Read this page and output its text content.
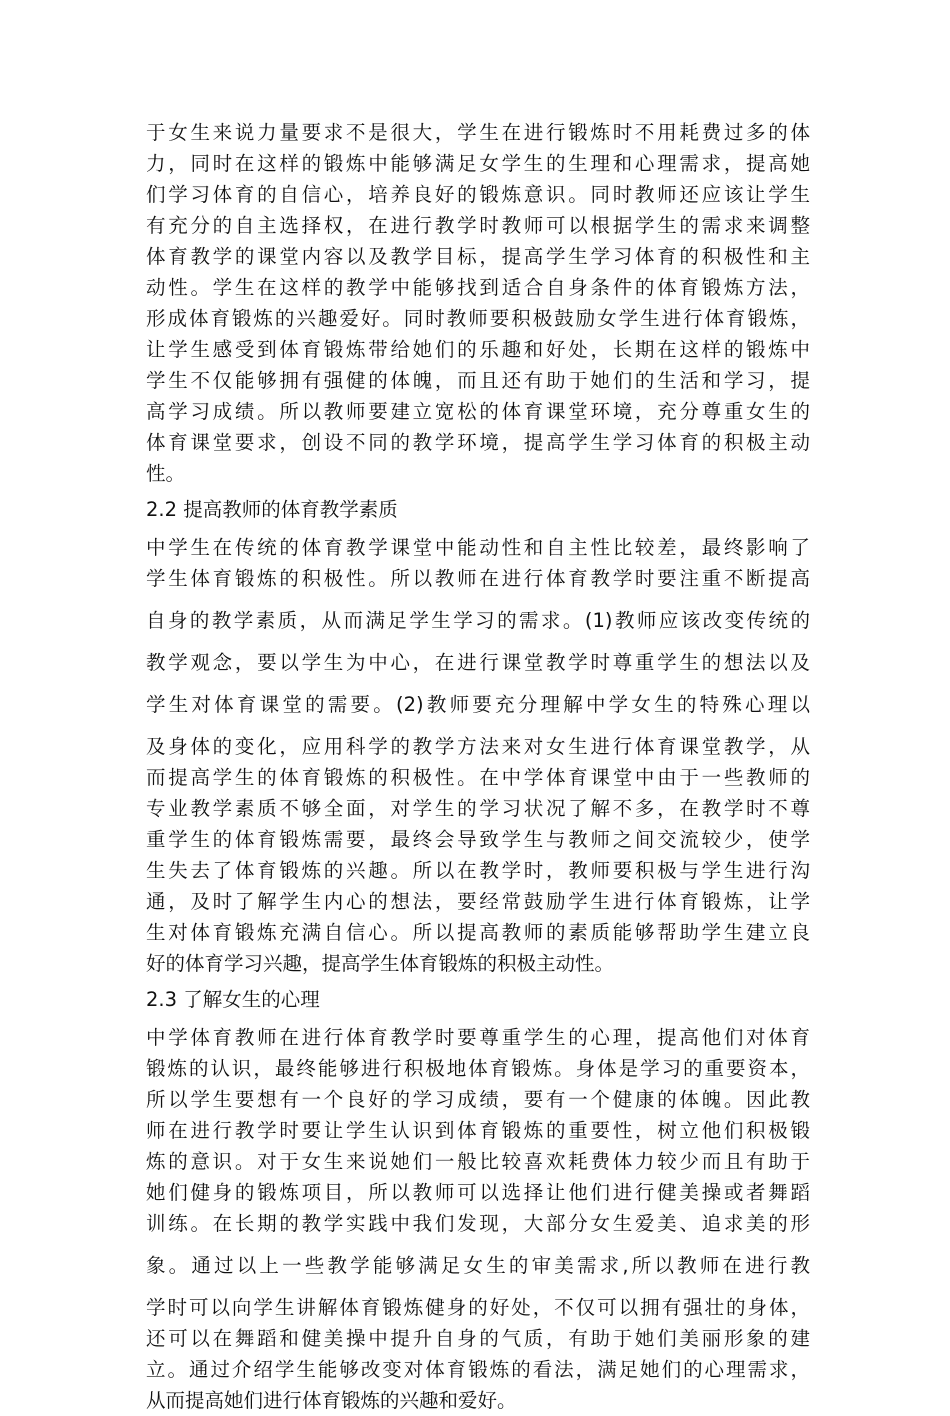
于女生来说力量要求不是很大，学生在进行锻炼时不用耗费过多的体
力，同时在这样的锻炼中能够满足女学生的生理和心理需求，提高她
们学习体育的自信心，培养良好的锻炼意识。同时教师还应该让学生
有充分的自主选择权，在进行教学时教师可以根据学生的需求来调整
体育教学的课堂内容以及教学目标，提高学生学习体育的积极性和主
动性。学生在这样的教学中能够找到适合自身条件的体育锻炼方法，
形成体育锻炼的兴趣爱好。同时教师要积极鼓励女学生进行体育锻炼，
让学生感受到体育锻炼带给她们的乐趣和好处，长期在这样的锻炼中
学生不仅能够拥有强健的体魄，而且还有助于她们的生活和学习，提
高学习成绩。所以教师要建立宽松的体育课堂环境，充分尊重女生的
体育课堂要求，创设不同的教学环境，提高学生学习体育的积极主动
性。

2.2 提高教师的体育教学素质

中学生在传统的体育教学课堂中能动性和自主性比较差，最终影响了
学生体育锻炼的积极性。所以教师在进行体育教学时要注重不断提高

自身的教学素质，从而满足学生学习的需求。(1)教师应该改变传统的

教学观念，要以学生为中心，在进行课堂教学时尊重学生的想法以及

学生对体育课堂的需要。(2)教师要充分理解中学女生的特殊心理以

及身体的变化，应用科学的教学方法来对女生进行体育课堂教学，从
而提高学生的体育锻炼的积极性。在中学体育课堂中由于一些教师的
专业教学素质不够全面，对学生的学习状况了解不多，在教学时不尊
重学生的体育锻炼需要，最终会导致学生与教师之间交流较少，使学
生失去了体育锻炼的兴趣。所以在教学时，教师要积极与学生进行沟
通，及时了解学生内心的想法，要经常鼓励学生进行体育锻炼，让学
生对体育锻炼充满自信心。所以提高教师的素质能够帮助学生建立良
好的体育学习兴趣，提高学生体育锻炼的积极主动性。

2.3 了解女生的心理

中学体育教师在进行体育教学时要尊重学生的心理，提高他们对体育
锻炼的认识，最终能够进行积极地体育锻炼。身体是学习的重要资本，
所以学生要想有一个良好的学习成绩，要有一个健康的体魄。因此教
师在进行教学时要让学生认识到体育锻炼的重要性，树立他们积极锻
炼的意识。对于女生来说她们一般比较喜欢耗费体力较少而且有助于
她们健身的锻炼项目，所以教师可以选择让他们进行健美操或者舞蹈
训练。在长期的教学实践中我们发现，大部分女生爱美、追求美的形

象。通过以上一些教学能够满足女生的审美需求,所以教师在进行教

学时可以向学生讲解体育锻炼健身的好处，不仅可以拥有强壮的身体，
还可以在舞蹈和健美操中提升自身的气质，有助于她们美丽形象的建
立。通过介绍学生能够改变对体育锻炼的看法，满足她们的心理需求，
从而提高她们进行体育锻炼的兴趣和爱好。
